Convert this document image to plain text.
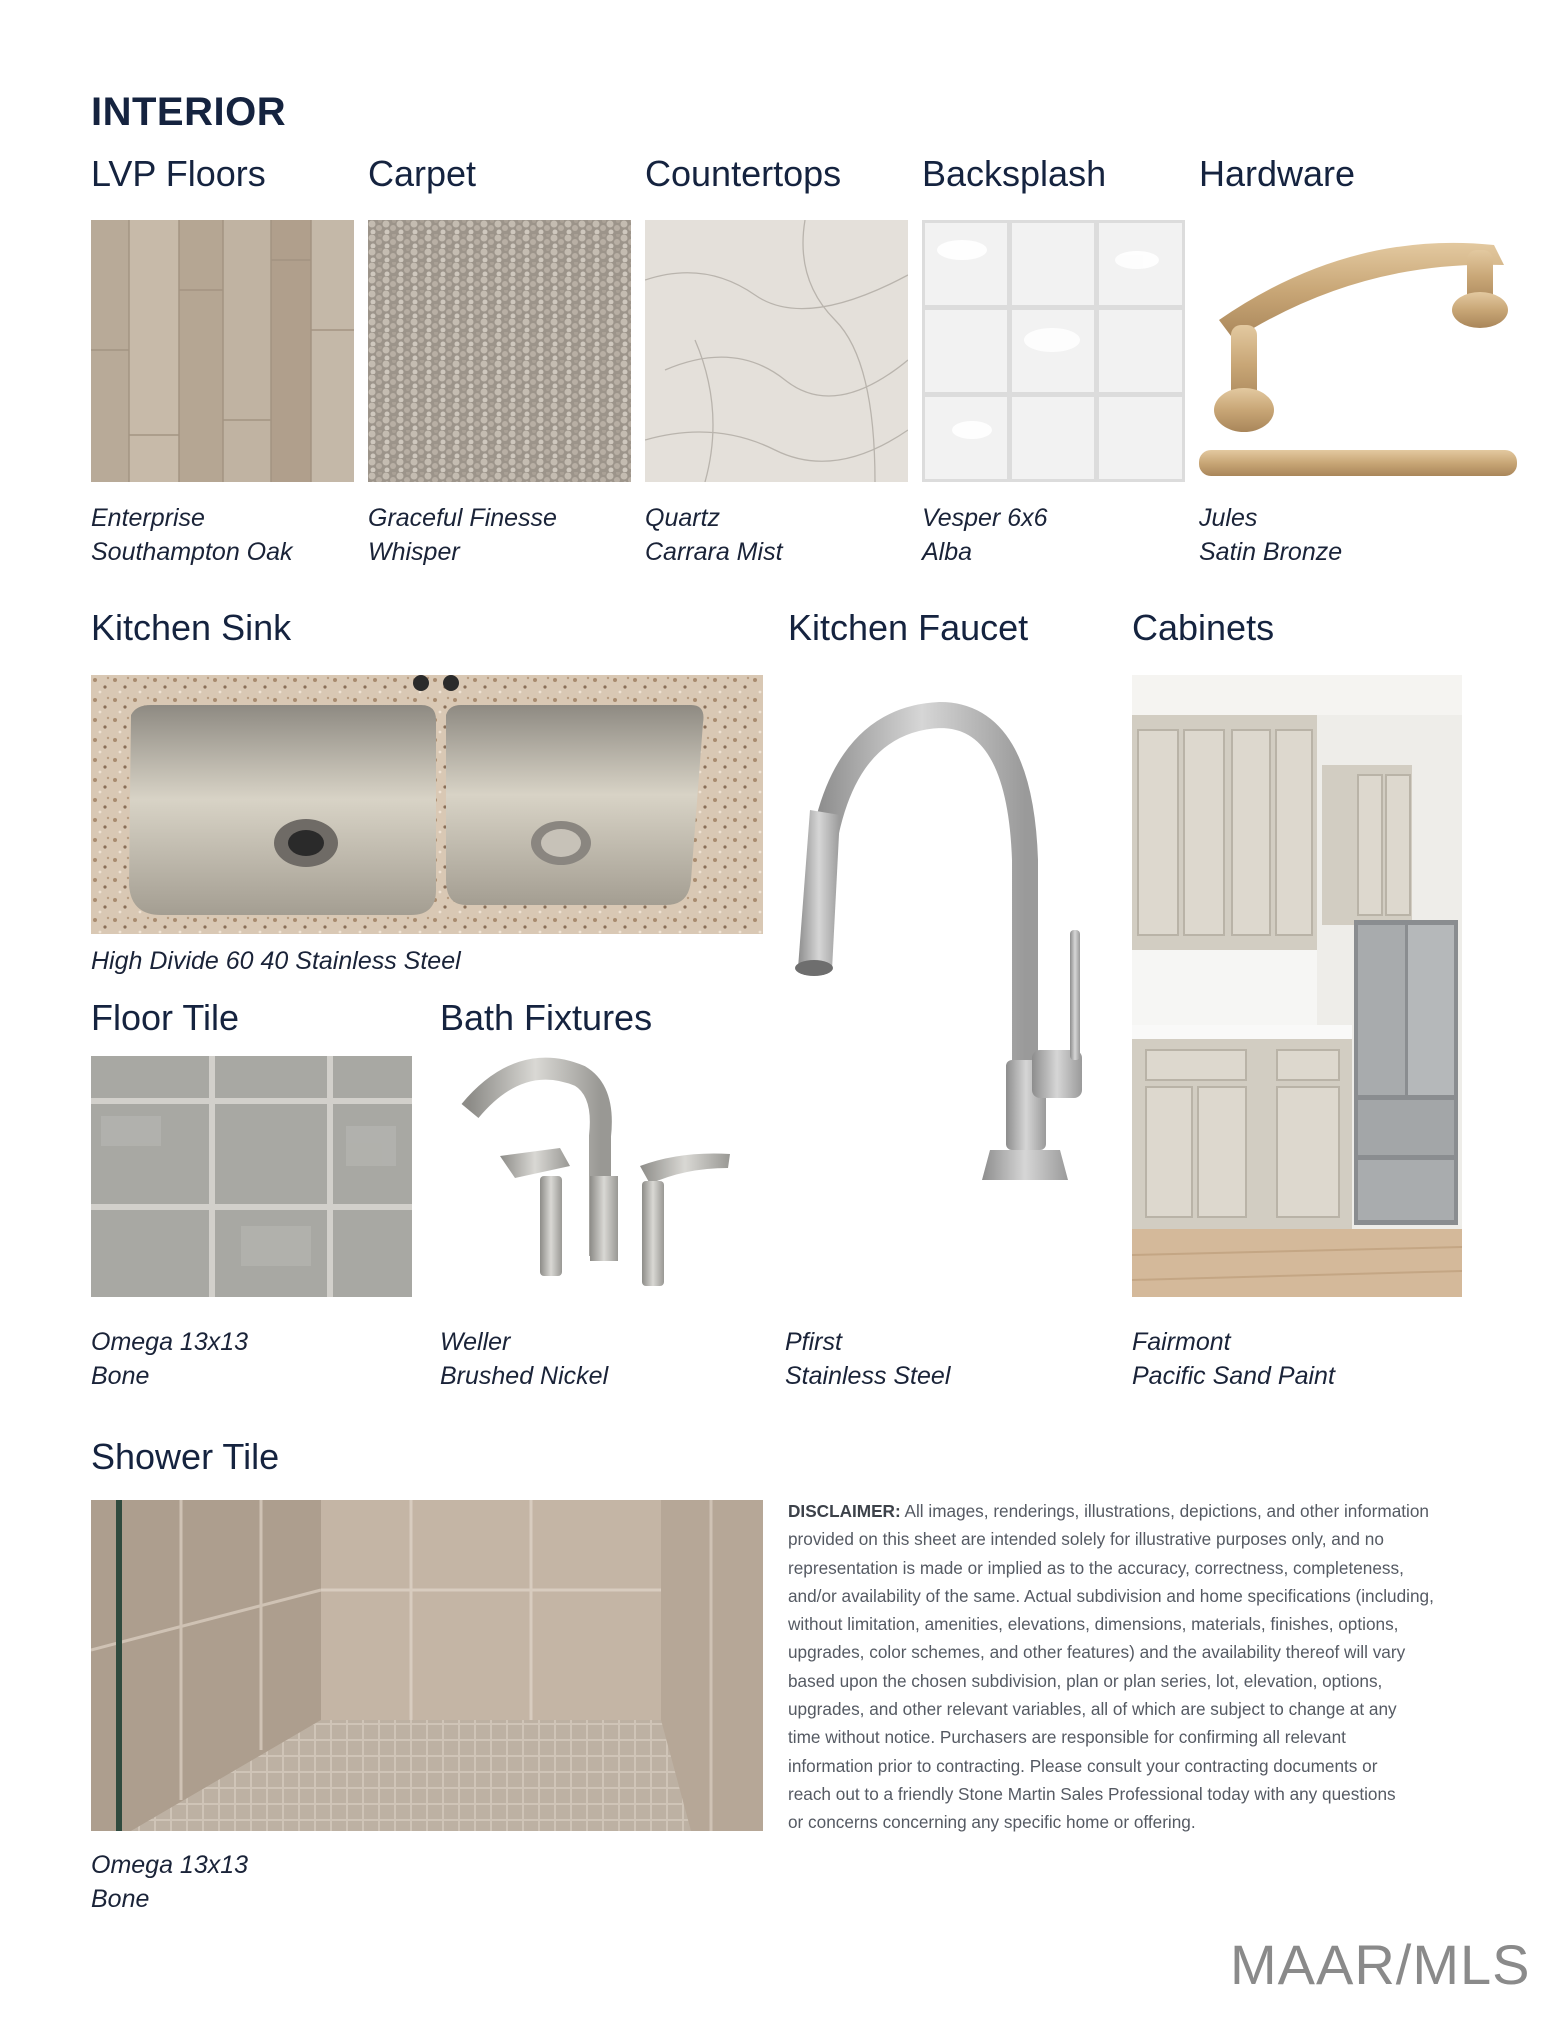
INTERIOR
LVP Floors	Carpet	Countertops Backsplash	Hardware
Enterprise
Southampton Oak
Graceful Finesse
Whisper
Quartz
Carrara Mist
Vesper 6x6
Alba
Jules
Satin Bronze
Kitchen Sink	Kitchen Faucet	Cabinets
High Divide 60 40 Stainless Steel
Floor Tile	Bath Fixtures
Omega 13x13
Bone
Weller
Brushed Nickel
Pfirst
Stainless Steel
Fairmont
Pacific Sand Paint
Shower Tile
Omega 13x13
Bone
DISCLAIMER: All images, renderings, illustrations, depictions, and other information
provided on this sheet are intended solely for illustrative purposes only, and no
representation is made or implied as to the accuracy, correctness, completeness,
and/or availability of the same. Actual subdivision and home specifications (including,
without limitation, amenities, elevations, dimensions, materials, finishes, options,
upgrades, color schemes, and other features) and the availability thereof will vary
based upon the chosen subdivision, plan or plan series, lot, elevation, options,
upgrades, and other relevant variables, all of which are subject to change at any
time without notice. Purchasers are responsible for confirming all relevant
information prior to contracting. Please consult your contracting documents or
reach out to a friendly Stone Martin Sales Professional today with any questions
or concerns concerning any specific home or offering.
MAAR/MLS
